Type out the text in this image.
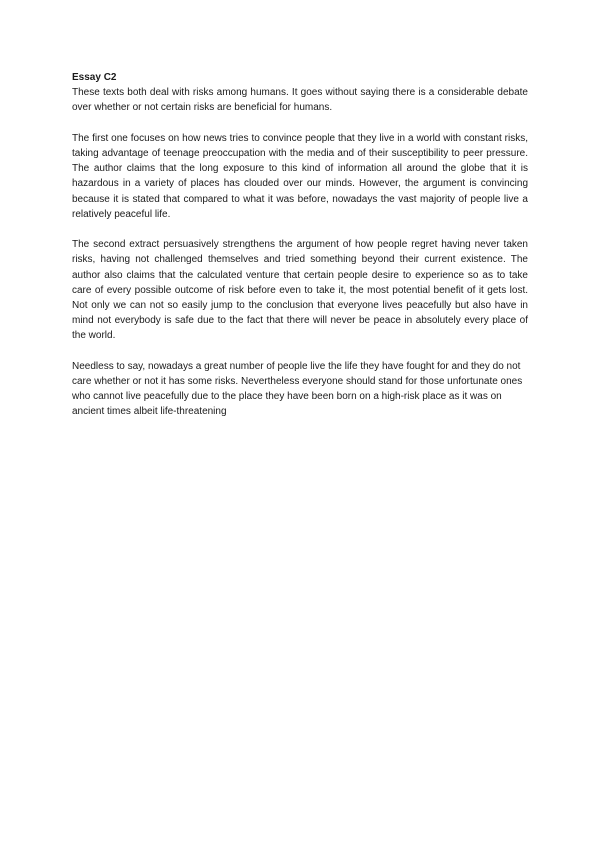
Essay C2

These texts both deal with risks among humans. It goes without saying there is a considerable debate over whether or not certain risks are beneficial for humans.

The first one focuses on how news tries to convince people that they live in a world with constant risks, taking advantage of teenage preoccupation with the media and of their susceptibility to peer pressure. The author claims that the long exposure to this kind of information all around the globe that it is hazardous in a variety of places has clouded over our minds. However, the argument is convincing because it is stated that compared to what it was before, nowadays the vast majority of people live a relatively peaceful life.

The second extract persuasively strengthens the argument of how people regret having never taken risks, having not challenged themselves and tried something beyond their current existence. The author also claims that the calculated venture that certain people desire to experience so as to take care of every possible outcome of risk before even to take it, the most potential benefit of it gets lost. Not only we can not so easily jump to the conclusion that everyone lives peacefully but also have in mind not everybody is safe due to the fact that there will never be peace in absolutely every place of the world.

Needless to say, nowadays a great number of people live the life they have fought for and they do not care whether or not it has some risks. Nevertheless everyone should stand for those unfortunate ones who cannot live peacefully due to the place they have been born on a high-risk place as it was on ancient times albeit life-threatening
